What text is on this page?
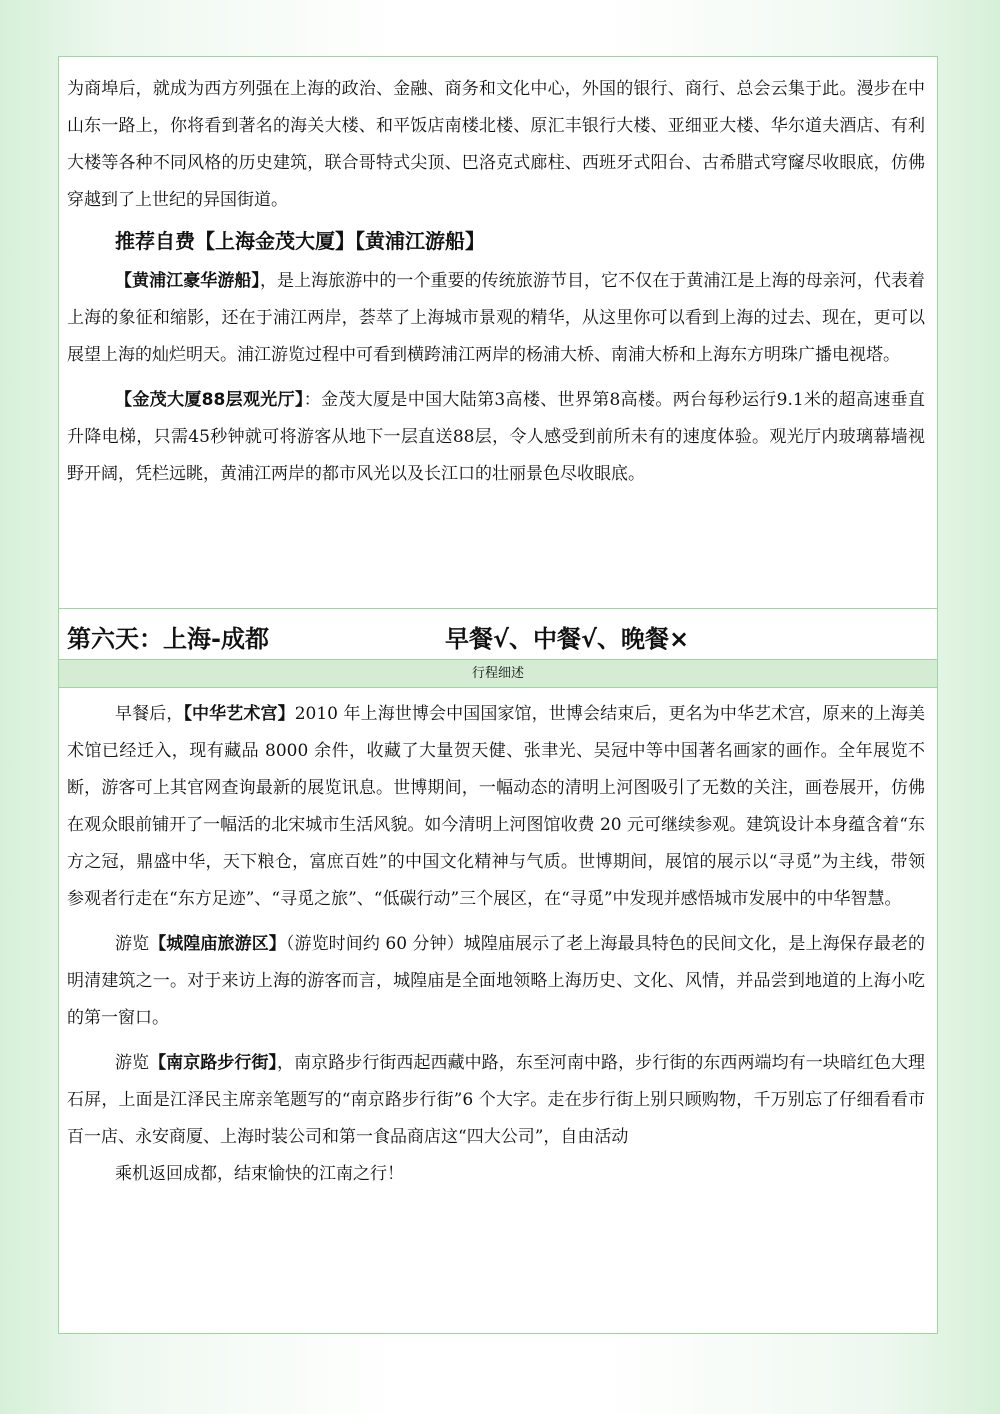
为商埠后，就成为西方列强在上海的政治、金融、商务和文化中心，外国的银行、商行、总会云集于此。漫步在中山东一路上，你将看到著名的海关大楼、和平饭店南楼北楼、原汇丰银行大楼、亚细亚大楼、华尔道夫酒店、有利大楼等各种不同风格的历史建筑，联合哥特式尖顶、巴洛克式廊柱、西班牙式阳台、古希腊式穹窿尽收眼底，仿佛穿越到了上世纪的异国街道。

推荐自费【上海金茂大厦】【黄浦江游船】

【黄浦江豪华游船】，是上海旅游中的一个重要的传统旅游节目，它不仅在于黄浦江是上海的母亲河，代表着上海的象征和缩影，还在于浦江两岸，荟萃了上海城市景观的精华，从这里你可以看到上海的过去、现在，更可以展望上海的灿烂明天。浦江游览过程中可看到横跨浦江两岸的杨浦大桥、南浦大桥和上海东方明珠广播电视塔。

【金茂大厦88层观光厅】：金茂大厦是中国大陆第3高楼、世界第8高楼。两台每秒运行9.1米的超高速垂直升降电梯，只需45秒钟就可将游客从地下一层直送88层，令人感受到前所未有的速度体验。观光厅内玻璃幕墙视野开阔，凭栏远眺，黄浦江两岸的都市风光以及长江口的壮丽景色尽收眼底。

第六天：上海-成都	早餐√、中餐√、晚餐×
行程细述

早餐后，【中华艺术宫】2010 年上海世博会中国国家馆，世博会结束后，更名为中华艺术宫，原来的上海美术馆已经迁入，现有藏品 8000 余件，收藏了大量贺天健、张聿光、吴冠中等中国著名画家的画作。全年展览不断，游客可上其官网查询最新的展览讯息。世博期间，一幅动态的清明上河图吸引了无数的关注，画卷展开，仿佛在观众眼前铺开了一幅活的北宋城市生活风貌。如今清明上河图馆收费 20 元可继续参观。建筑设计本身蕴含着“东方之冠，鼎盛中华，天下粮仓，富庶百姓”的中国文化精神与气质。世博期间，展馆的展示以“寻觅”为主线，带领参观者行走在“东方足迹”、“寻觅之旅”、“低碳行动”三个展区，在“寻觅”中发现并感悟城市发展中的中华智慧。

游览【城隍庙旅游区】（游览时间约 60 分钟）城隍庙展示了老上海最具特色的民间文化，是上海保存最老的明清建筑之一。对于来访上海的游客而言，城隍庙是全面地领略上海历史、文化、风情，并品尝到地道的上海小吃的第一窗口。

游览【南京路步行街】，南京路步行街西起西藏中路，东至河南中路，步行街的东西两端均有一块暗红色大理石屏，上面是江泽民主席亲笔题写的“南京路步行街”6 个大字。走在步行街上别只顾购物，千万别忘了仔细看看市百一店、永安商厦、上海时装公司和第一食品商店这“四大公司”，自由活动

乘机返回成都，结束愉快的江南之行！
